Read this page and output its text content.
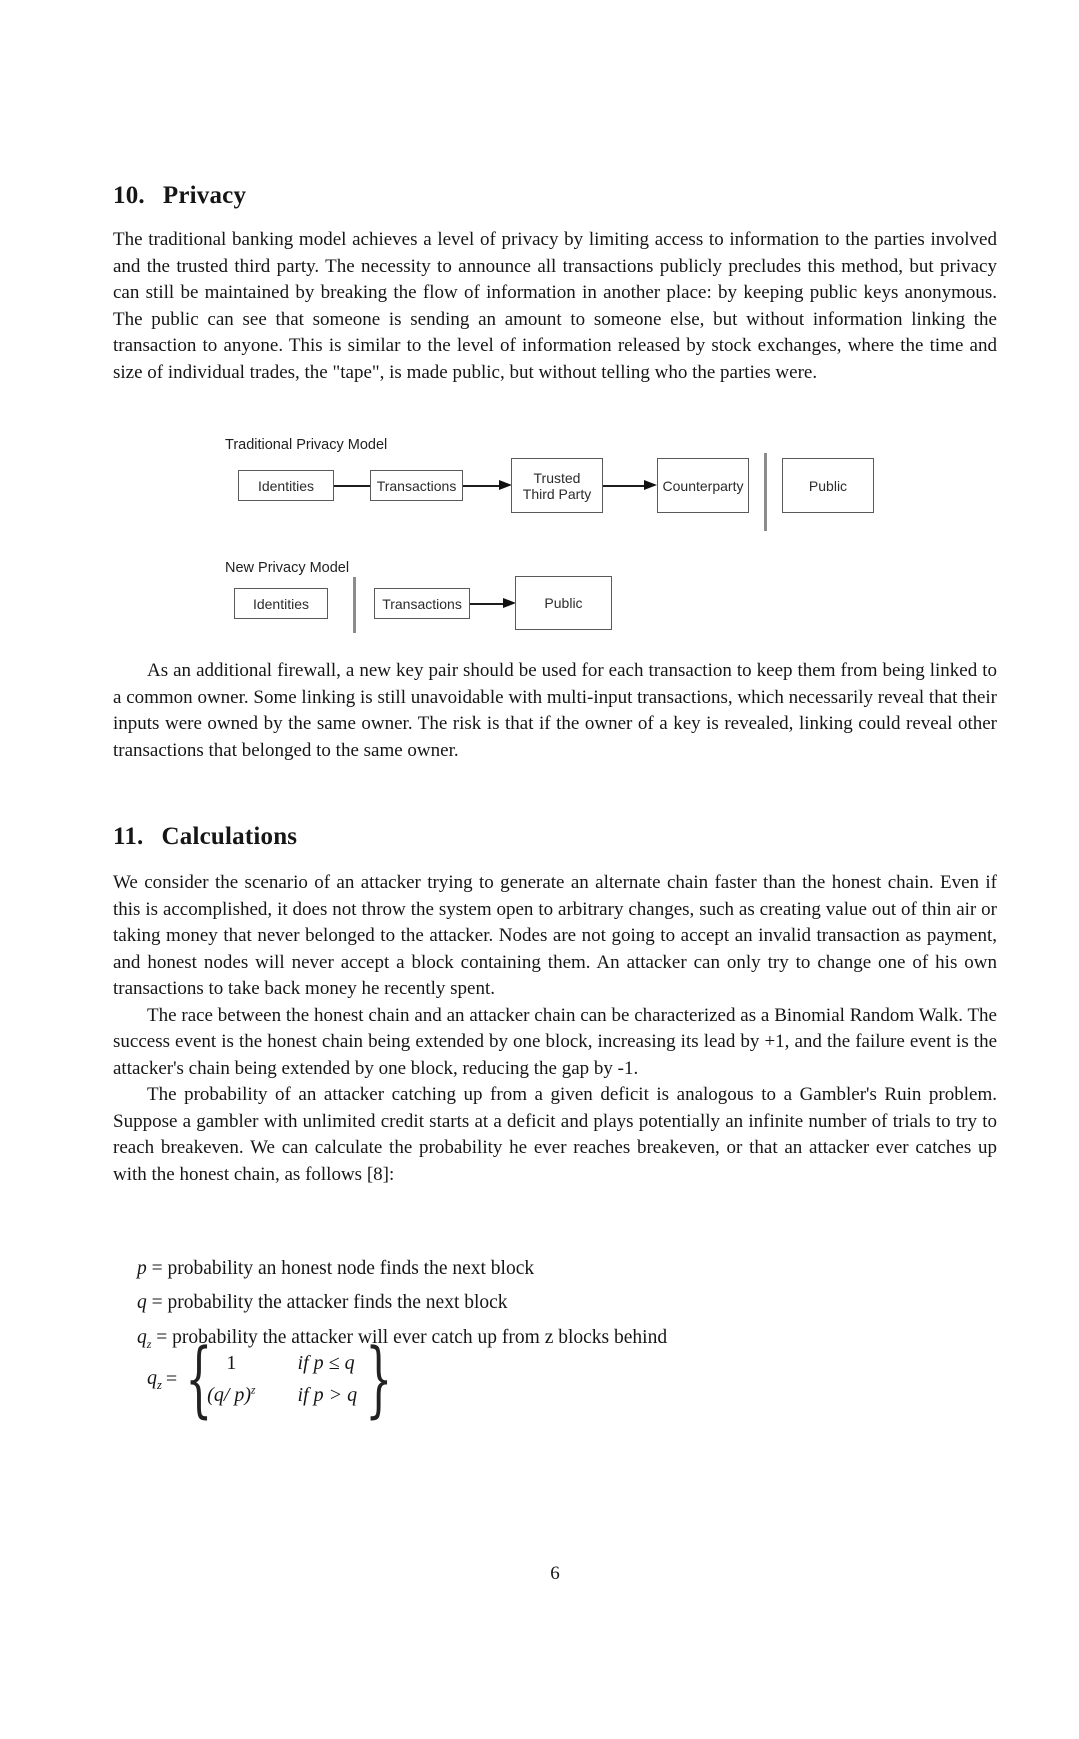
10. Privacy

The traditional banking model achieves a level of privacy by limiting access to information to the parties involved and the trusted third party. The necessity to announce all transactions publicly precludes this method, but privacy can still be maintained by breaking the flow of information in another place: by keeping public keys anonymous. The public can see that someone is sending an amount to someone else, but without information linking the transaction to anyone. This is similar to the level of information released by stock exchanges, where the time and size of individual trades, the "tape", is made public, but without telling who the parties were.

Traditional Privacy Model
Identities	Transactions	Trusted Third Party	Counterparty	Public
New Privacy Model
Identities	Transactions	Public

As an additional firewall, a new key pair should be used for each transaction to keep them from being linked to a common owner. Some linking is still unavoidable with multi-input transactions, which necessarily reveal that their inputs were owned by the same owner. The risk is that if the owner of a key is revealed, linking could reveal other transactions that belonged to the same owner.

11. Calculations

We consider the scenario of an attacker trying to generate an alternate chain faster than the honest chain. Even if this is accomplished, it does not throw the system open to arbitrary changes, such as creating value out of thin air or taking money that never belonged to the attacker. Nodes are not going to accept an invalid transaction as payment, and honest nodes will never accept a block containing them. An attacker can only try to change one of his own transactions to take back money he recently spent.

The race between the honest chain and an attacker chain can be characterized as a Binomial Random Walk. The success event is the honest chain being extended by one block, increasing its lead by +1, and the failure event is the attacker's chain being extended by one block, reducing the gap by -1.

The probability of an attacker catching up from a given deficit is analogous to a Gambler's Ruin problem. Suppose a gambler with unlimited credit starts at a deficit and plays potentially an infinite number of trials to try to reach breakeven. We can calculate the probability he ever reaches breakeven, or that an attacker ever catches up with the honest chain, as follows [8]:

p = probability an honest node finds the next block
q = probability the attacker finds the next block
$q_z$ = probability the attacker will ever catch up from z blocks behind
$q_z$ = { 1	if p ≤ q
(q/ p)$^z$ if p > q }
6
